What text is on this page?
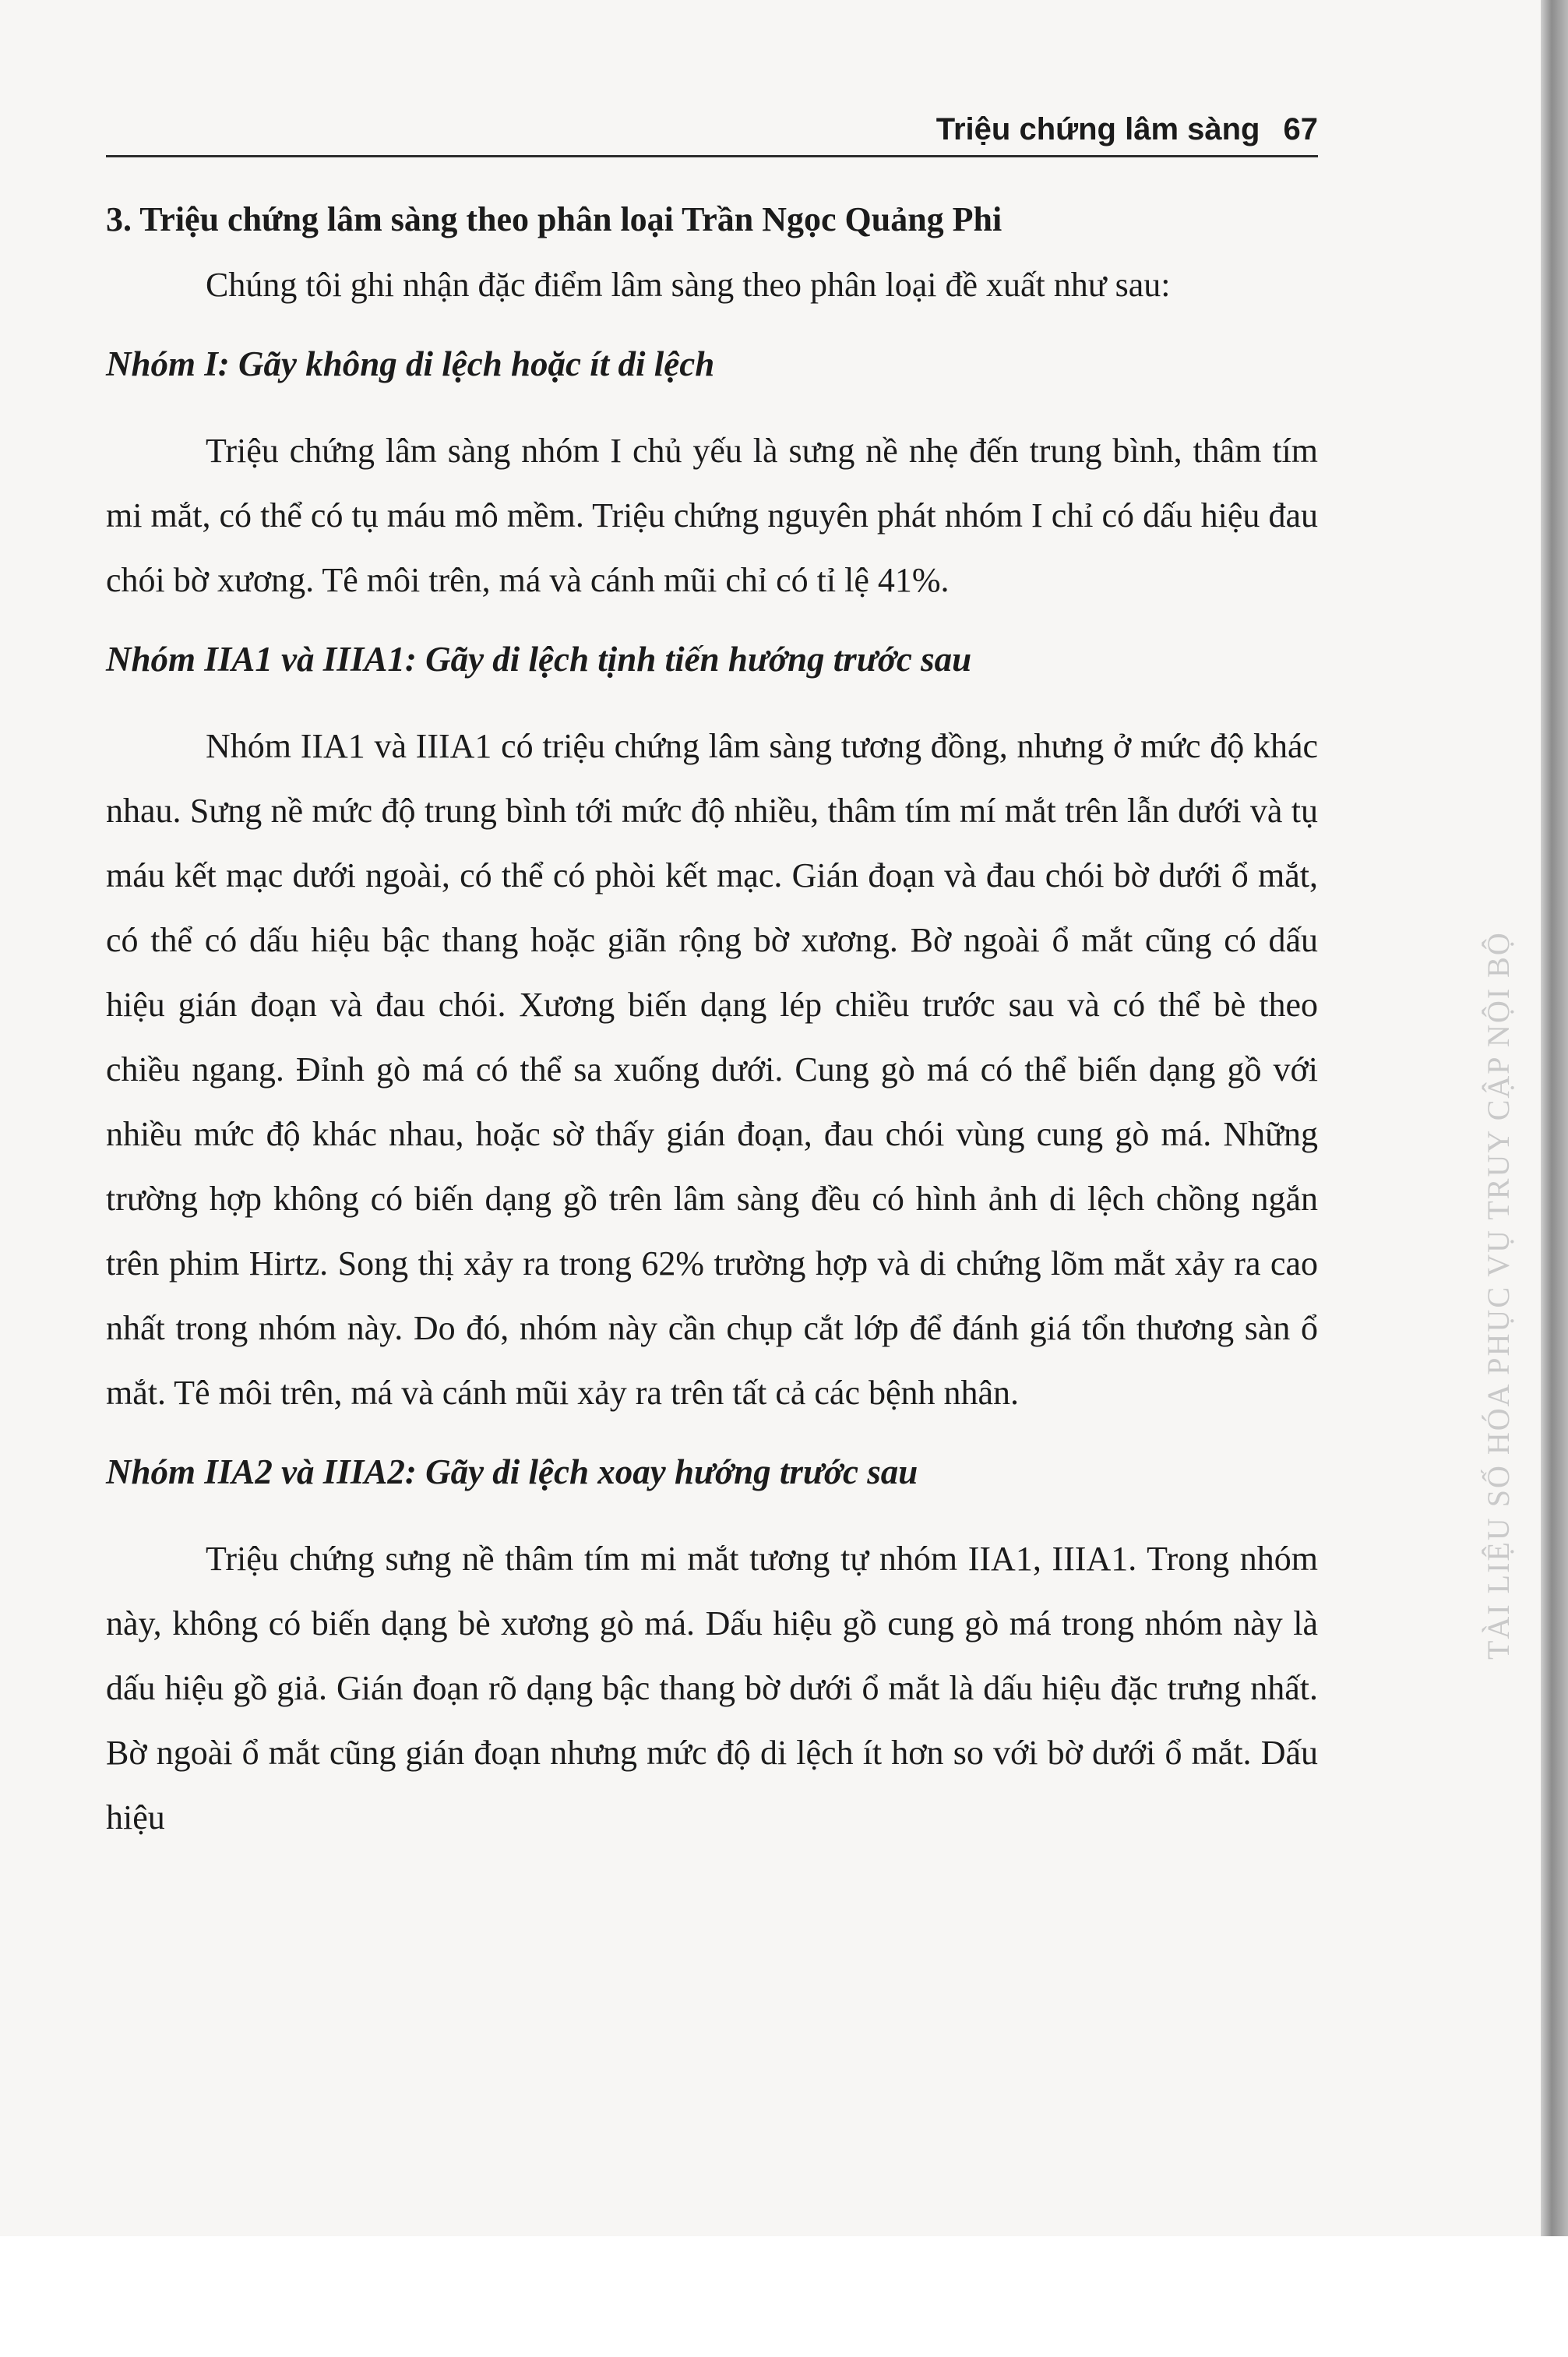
Triệu chứng lâm sàng 67
3. Triệu chứng lâm sàng theo phân loại Trần Ngọc Quảng Phi

Chúng tôi ghi nhận đặc điểm lâm sàng theo phân loại đề xuất như sau:

Nhóm I: Gãy không di lệch hoặc ít di lệch

Triệu chứng lâm sàng nhóm I chủ yếu là sưng nề nhẹ đến trung bình, thâm tím mi mắt, có thể có tụ máu mô mềm. Triệu chứng nguyên phát nhóm I chỉ có dấu hiệu đau chói bờ xương. Tê môi trên, má và cánh mũi chỉ có tỉ lệ 41%.

Nhóm IIA1 và IIIA1: Gãy di lệch tịnh tiến hướng trước sau

Nhóm IIA1 và IIIA1 có triệu chứng lâm sàng tương đồng, nhưng ở mức độ khác nhau. Sưng nề mức độ trung bình tới mức độ nhiều, thâm tím mí mắt trên lẫn dưới và tụ máu kết mạc dưới ngoài, có thể có phòi kết mạc. Gián đoạn và đau chói bờ dưới ổ mắt, có thể có dấu hiệu bậc thang hoặc giãn rộng bờ xương. Bờ ngoài ổ mắt cũng có dấu hiệu gián đoạn và đau chói. Xương biến dạng lép chiều trước sau và có thể bè theo chiều ngang. Đỉnh gò má có thể sa xuống dưới. Cung gò má có thể biến dạng gồ với nhiều mức độ khác nhau, hoặc sờ thấy gián đoạn, đau chói vùng cung gò má. Những trường hợp không có biến dạng gồ trên lâm sàng đều có hình ảnh di lệch chồng ngắn trên phim Hirtz. Song thị xảy ra trong 62% trường hợp và di chứng lõm mắt xảy ra cao nhất trong nhóm này. Do đó, nhóm này cần chụp cắt lớp để đánh giá tổn thương sàn ổ mắt. Tê môi trên, má và cánh mũi xảy ra trên tất cả các bệnh nhân.

Nhóm IIA2 và IIIA2: Gãy di lệch xoay hướng trước sau

Triệu chứng sưng nề thâm tím mi mắt tương tự nhóm IIA1, IIIA1. Trong nhóm này, không có biến dạng bè xương gò má. Dấu hiệu gồ cung gò má trong nhóm này là dấu hiệu gồ giả. Gián đoạn rõ dạng bậc thang bờ dưới ổ mắt là dấu hiệu đặc trưng nhất. Bờ ngoài ổ mắt cũng gián đoạn nhưng mức độ di lệch ít hơn so với bờ dưới ổ mắt. Dấu hiệu

TÀI LIỆU SỐ HÓA PHỤC VỤ TRUY CẬP NỘI BỘ
